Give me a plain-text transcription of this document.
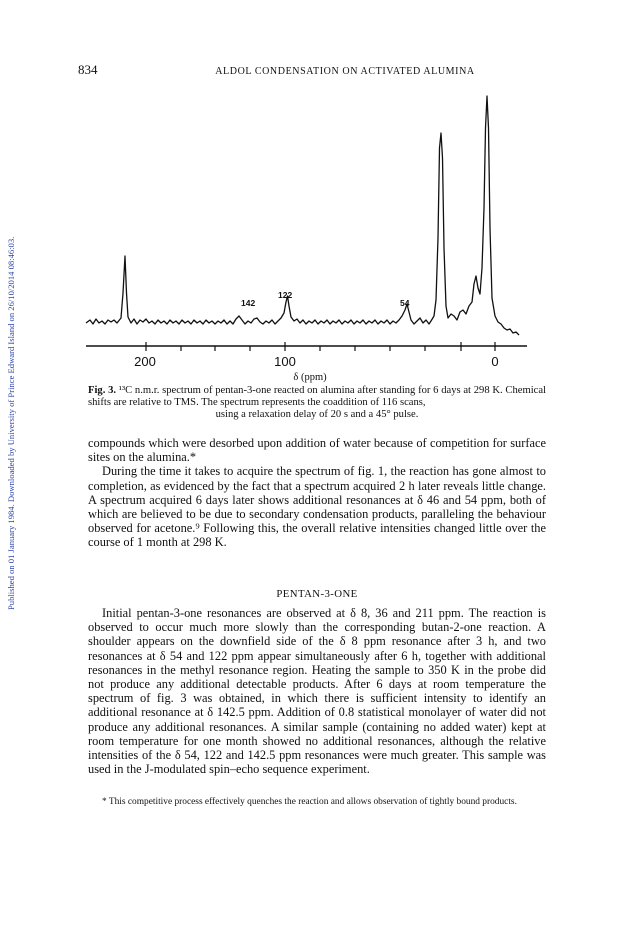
Published on 01 January 1984. Downloaded by University of Prince Edward Island on 26/10/2014 08:46:03.
834	ALDOL CONDENSATION ON ACTIVATED ALUMINA
142
122
54
200	100	0
δ (ppm)
Fig. 3. ¹³C n.m.r. spectrum of pentan-3-one reacted on alumina after standing for 6 days at 298 K. Chemical shifts are relative to TMS. The spectrum represents the coaddition of 116 scans,
using a relaxation delay of 20 s and a 45° pulse.

compounds which were desorbed upon addition of water because of competition for surface sites on the alumina.*

During the time it takes to acquire the spectrum of fig. 1, the reaction has gone almost to completion, as evidenced by the fact that a spectrum acquired 2 h later reveals little change. A spectrum acquired 6 days later shows additional resonances at δ 46 and 54 ppm, both of which are believed to be due to secondary condensation products, paralleling the behaviour observed for acetone.⁹ Following this, the overall relative intensities changed little over the course of 1 month at 298 K.

PENTAN-3-ONE

Initial pentan-3-one resonances are observed at δ 8, 36 and 211 ppm. The reaction is observed to occur much more slowly than the corresponding butan-2-one reaction. A shoulder appears on the downfield side of the δ 8 ppm resonance after 3 h, and two resonances at δ 54 and 122 ppm appear simultaneously after 6 h, together with additional resonances in the methyl resonance region. Heating the sample to 350 K in the probe did not produce any additional detectable products. After 6 days at room temperature the spectrum of fig. 3 was obtained, in which there is sufficient intensity to identify an additional resonance at δ 142.5 ppm. Addition of 0.8 statistical monolayer of water did not produce any additional resonances. A similar sample (containing no added water) kept at room temperature for one month showed no additional resonances, although the relative intensities of the δ 54, 122 and 142.5 ppm resonances were much greater. This sample was used in the J-modulated spin–echo sequence experiment.

* This competitive process effectively quenches the reaction and allows observation of tightly bound products.
